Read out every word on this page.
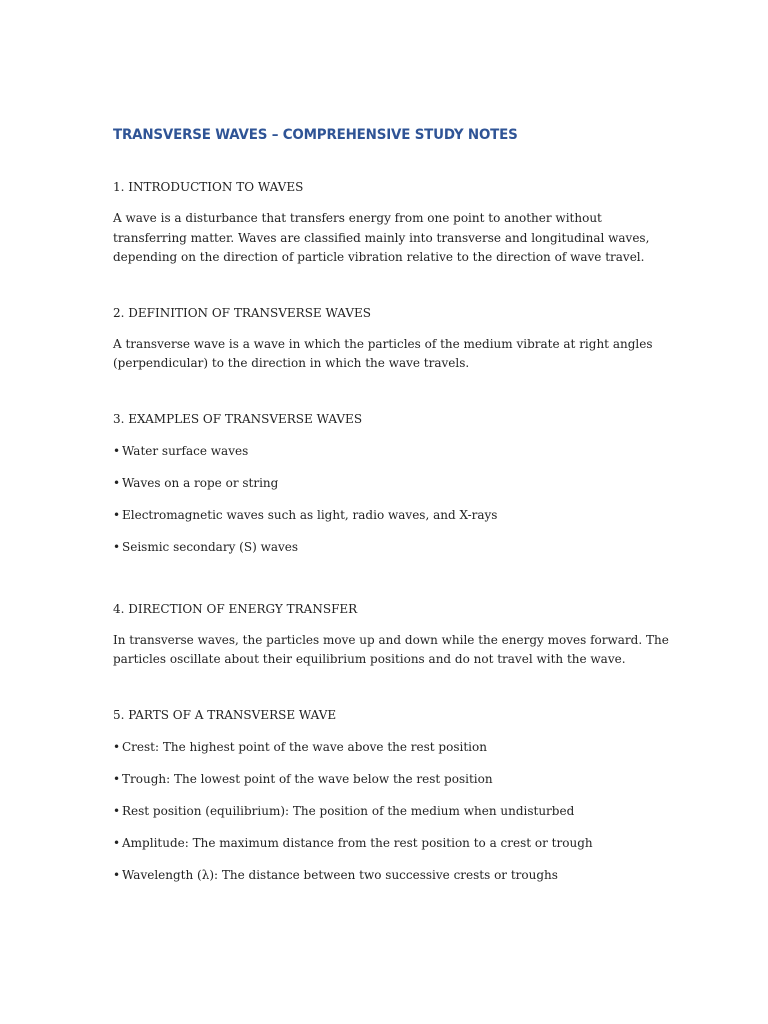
TRANSVERSE WAVES – COMPREHENSIVE STUDY NOTES
1. INTRODUCTION TO WAVES

A wave is a disturbance that transfers energy from one point to another without
transferring matter. Waves are classified mainly into transverse and longitudinal waves,
depending on the direction of particle vibration relative to the direction of wave travel.

2. DEFINITION OF TRANSVERSE WAVES

A transverse wave is a wave in which the particles of the medium vibrate at right angles
(perpendicular) to the direction in which the wave travels.

3. EXAMPLES OF TRANSVERSE WAVES

• Water surface waves

• Waves on a rope or string

• Electromagnetic waves such as light, radio waves, and X-rays

• Seismic secondary (S) waves

4. DIRECTION OF ENERGY TRANSFER

In transverse waves, the particles move up and down while the energy moves forward. The
particles oscillate about their equilibrium positions and do not travel with the wave.

5. PARTS OF A TRANSVERSE WAVE

• Crest: The highest point of the wave above the rest position

• Trough: The lowest point of the wave below the rest position

• Rest position (equilibrium): The position of the medium when undisturbed

• Amplitude: The maximum distance from the rest position to a crest or trough

• Wavelength (λ): The distance between two successive crests or troughs
